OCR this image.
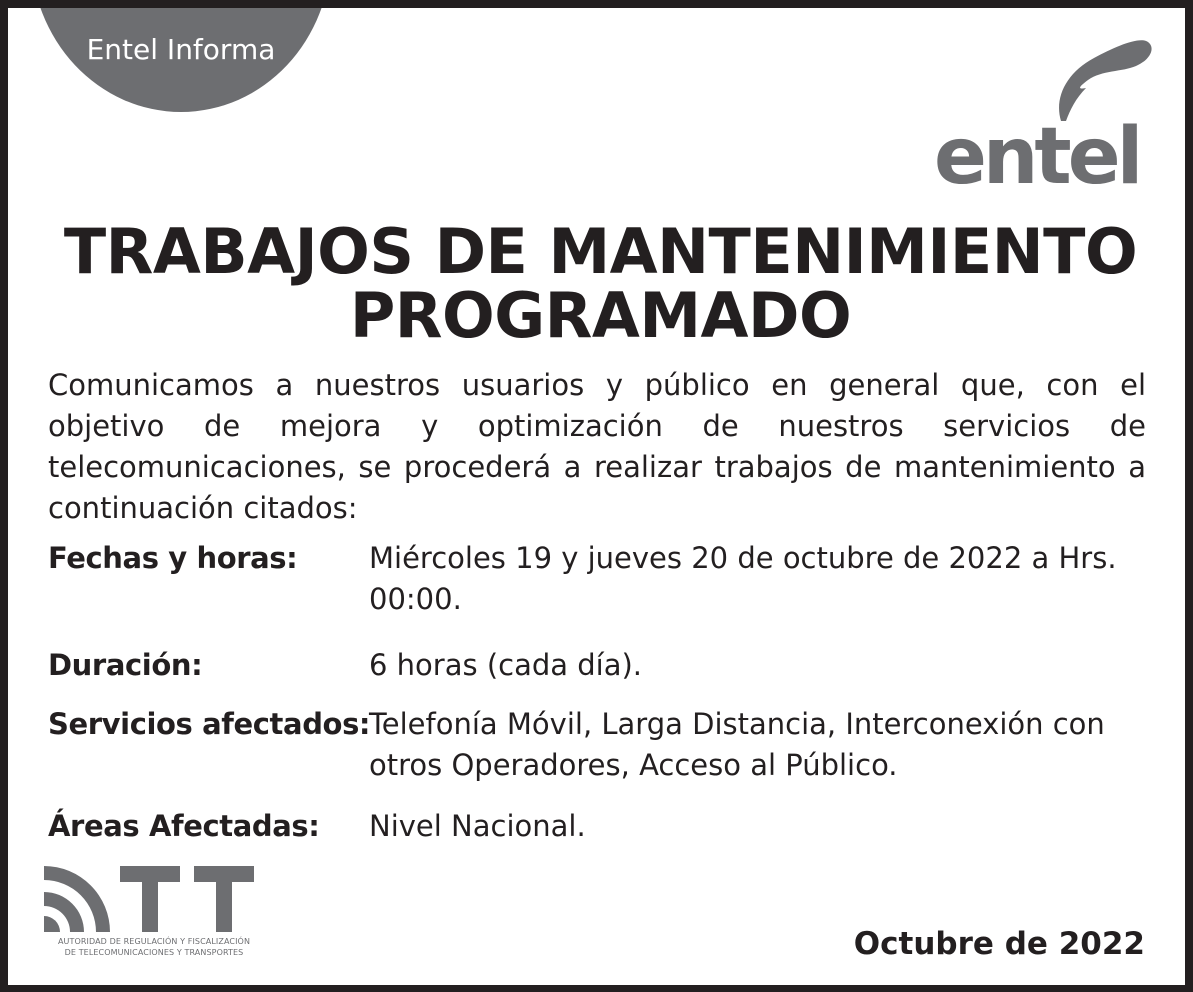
Entel Informa
entel
TRABAJOS DE MANTENIMIENTO
PROGRAMADO

Comunicamos a nuestros usuarios y público en general que, con el objetivo de mejora y optimización de nuestros servicios de telecomunicaciones, se procederá a realizar trabajos de mantenimiento a continuación citados:

Fechas y horas:	Miércoles 19 y jueves 20 de octubre de 2022 a Hrs. 00:00.
Duración:	6 horas (cada día).
Servicios afectados:
Telefonía Móvil, Larga Distancia, Interconexión con otros Operadores, Acceso al Público.
Áreas Afectadas:	Nivel Nacional.
AUTORIDAD DE REGULACIÓN Y FISCALIZACIÓN
DE TELECOMUNICACIONES Y TRANSPORTES	Octubre de 2022
